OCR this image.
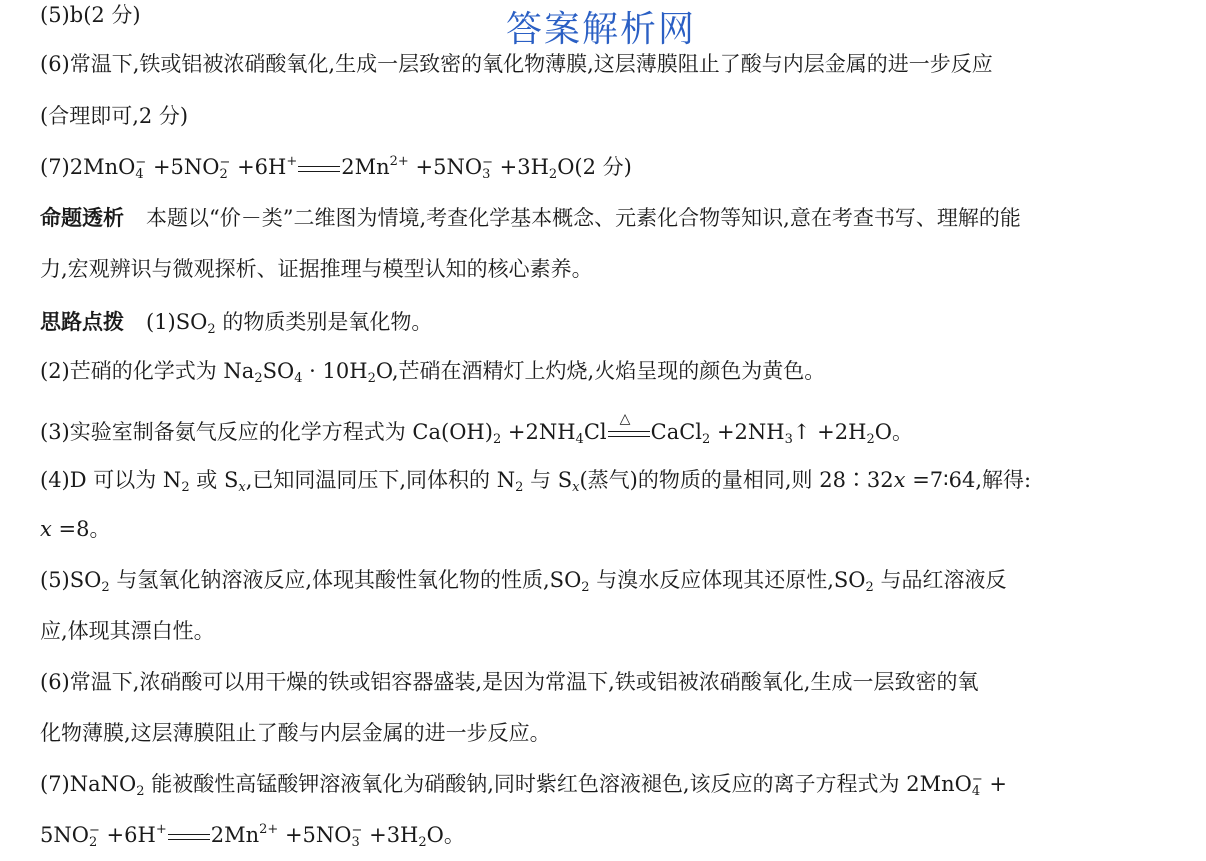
答案解析网
(5)b(2 分)
(6)常温下,铁或铝被浓硝酸氧化,生成一层致密的氧化物薄膜,这层薄膜阻止了酸与内层金属的进一步反应
(合理即可,2 分)
(7)2MnO −
4 +5NO −
2 +6H+ $2Mn^{2+} +5NO$ −
$3 +3H_2O(2$ 分)
命题透析 本题以“价－类”二维图为情境,考查化学基本概念、元素化合物等知识,意在考查书写、理解的能
力,宏观辨识与微观探析、证据推理与模型认知的核心素养。
思路点拨 $(1)SO_2$ 的物质类别是氧化物。
(2)芒硝的化学式为 $Na_2SO_4 \cdot 10H_2O$,芒硝在酒精灯上灼烧,火焰呈现的颜色为黄色。
(3)实验室制备氨气反应的化学方程式为 $Ca(OH)_2 +2NH_4Cl$
△
CaCl$_2$ $+2NH_3↑ +2H_2O$。
(4)D 可以为 $N_2$ 或 $S_x$,已知同温同压下,同体积的 $N_2$ 与 $S_x$(蒸气)的物质的量相同,则 28∶32x =7∶64,解得:
x =8。
$(5)SO_2$ 与氢氧化钠溶液反应,体现其酸性氧化物的性质$,SO_2$ 与溴水反应体现其还原性$,SO_2$ 与品红溶液反
应,体现其漂白性。
(6)常温下,浓硝酸可以用干燥的铁或铝容器盛装,是因为常温下,铁或铝被浓硝酸氧化,生成一层致密的氧
化物薄膜,这层薄膜阻止了酸与内层金属的进一步反应。
(7)NaNO$_2$ 能被酸性高锰酸钾溶液氧化为硝酸钠,同时紫红色溶液褪色,该反应的离子方程式为 2MnO −
4 +
5NO −
2 +6H+ $2Mn^{2+} +5NO$ −
$3 +3H_2O$。
